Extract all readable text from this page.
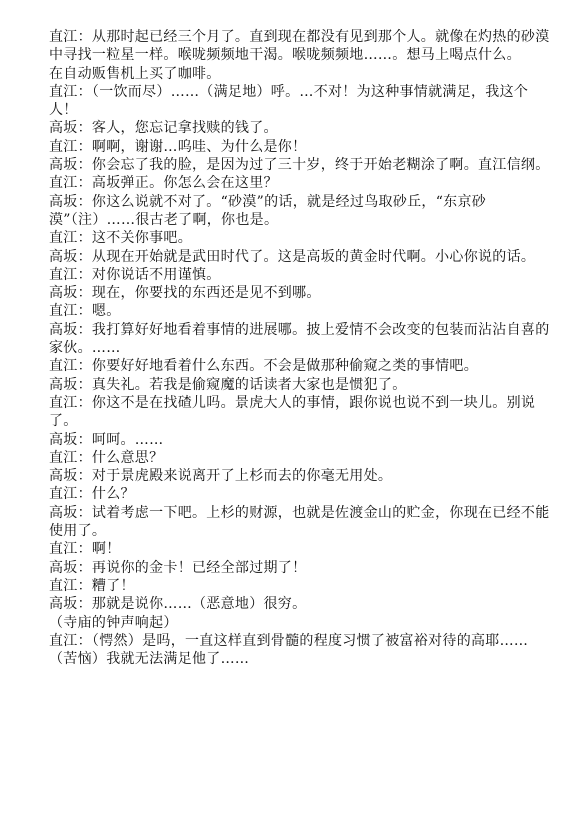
直江：从那时起已经三个月了。直到现在都没有见到那个人。就像在灼热的砂漠中寻找一粒星一样。喉咙频频地干渴。喉咙频频地……。想马上喝点什么。

在自动贩售机上买了咖啡。

直江：（一饮而尽）……（满足地）呼。…不对！为这种事情就满足，我这个人！

高坂：客人，您忘记拿找赎的钱了。

直江：啊啊，谢谢…呜哇、为什么是你！

高坂：你会忘了我的脸，是因为过了三十岁，终于开始老糊涂了啊。直江信纲。

直江：高坂弹正。你怎么会在这里？

高坂：你这么说就不对了。“砂漠”的话，就是经过鸟取砂丘，“东京砂漠”（注）……很古老了啊，你也是。

直江：这不关你事吧。

高坂：从现在开始就是武田时代了。这是高坂的黄金时代啊。小心你说的话。

直江：对你说话不用谨慎。

高坂：现在，你要找的东西还是见不到哪。

直江：嗯。

高坂：我打算好好地看着事情的进展哪。披上爱情不会改变的包装而沾沾自喜的家伙。……

直江：你要好好地看着什么东西。不会是做那种偷窥之类的事情吧。

高坂：真失礼。若我是偷窥魔的话读者大家也是惯犯了。

直江：你这不是在找碴儿吗。景虎大人的事情，跟你说也说不到一块儿。别说了。

高坂：呵呵。……

直江：什么意思？

高坂：对于景虎殿来说离开了上杉而去的你毫无用处。

直江：什么？

高坂：试着考虑一下吧。上杉的财源，也就是佐渡金山的贮金，你现在已经不能使用了。

直江：啊！

高坂：再说你的金卡！已经全部过期了！

直江：糟了！

高坂：那就是说你……（恶意地）很穷。

（寺庙的钟声响起）

直江：（愕然）是吗，一直这样直到骨髓的程度习惯了被富裕对待的高耶……（苦恼）我就无法满足他了……
